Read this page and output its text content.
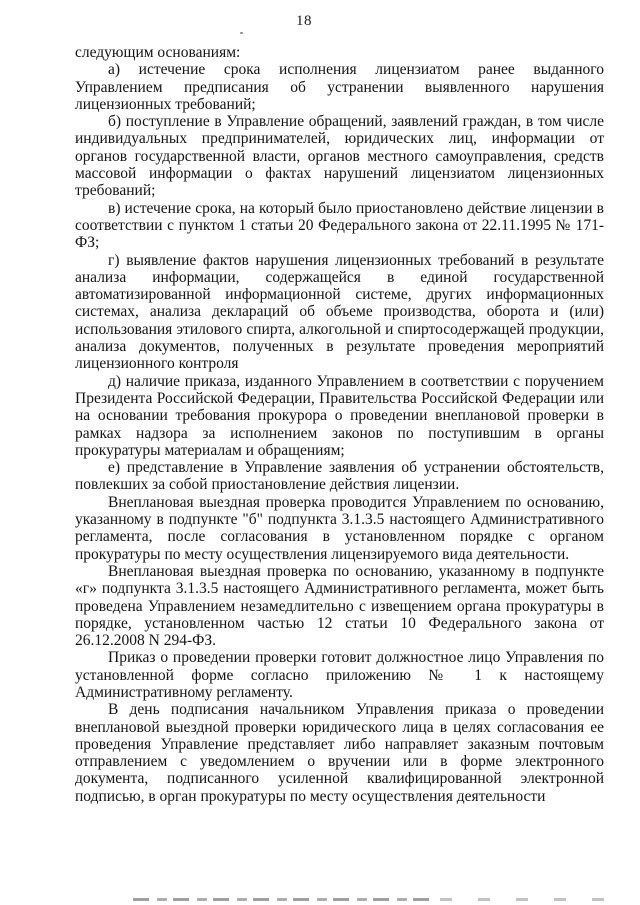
18

следующим основаниям:

а) истечение срока исполнения лицензиатом ранее выданного Управлением предписания об устранении выявленного нарушения лицензионных требований;

б) поступление в Управление обращений, заявлений граждан, в том числе индивидуальных предпринимателей, юридических лиц, информации от органов государственной власти, органов местного самоуправления, средств массовой информации о фактах нарушений лицензиатом лицензионных требований;

в) истечение срока, на который было приостановлено действие лицензии в соответствии с пунктом 1 статьи 20 Федерального закона от 22.11.1995 № 171-ФЗ;

г) выявление фактов нарушения лицензионных требований в результате анализа информации, содержащейся в единой государственной автоматизированной информационной системе, других информационных системах, анализа деклараций об объеме производства, оборота и (или) использования этилового спирта, алкогольной и спиртосодержащей продукции, анализа документов, полученных в результате проведения мероприятий лицензионного контроля

д) наличие приказа, изданного Управлением в соответствии с поручением Президента Российской Федерации, Правительства Российской Федерации или на основании требования прокурора о проведении внеплановой проверки в рамках надзора за исполнением законов по поступившим в органы прокуратуры материалам и обращениям;

е) представление в Управление заявления об устранении обстоятельств, повлекших за собой приостановление действия лицензии.

Внеплановая выездная проверка проводится Управлением по основанию, указанному в подпункте "б" подпункта 3.1.3.5 настоящего Административного регламента, после согласования в установленном порядке с органом прокуратуры по месту осуществления лицензируемого вида деятельности.

Внеплановая выездная проверка по основанию, указанному в подпункте «г» подпункта 3.1.3.5 настоящего Административного регламента, может быть проведена Управлением незамедлительно с извещением органа прокуратуры в порядке, установленном частью 12 статьи 10 Федерального закона от 26.12.2008 N 294-ФЗ.

Приказ о проведении проверки готовит должностное лицо Управления по установленной форме согласно приложению № 1 к настоящему Административному регламенту.

В день подписания начальником Управления приказа о проведении внеплановой выездной проверки юридического лица в целях согласования ее проведения Управление представляет либо направляет заказным почтовым отправлением с уведомлением о вручении или в форме электронного документа, подписанного усиленной квалифицированной электронной подписью, в орган прокуратуры по месту осуществления деятельности
